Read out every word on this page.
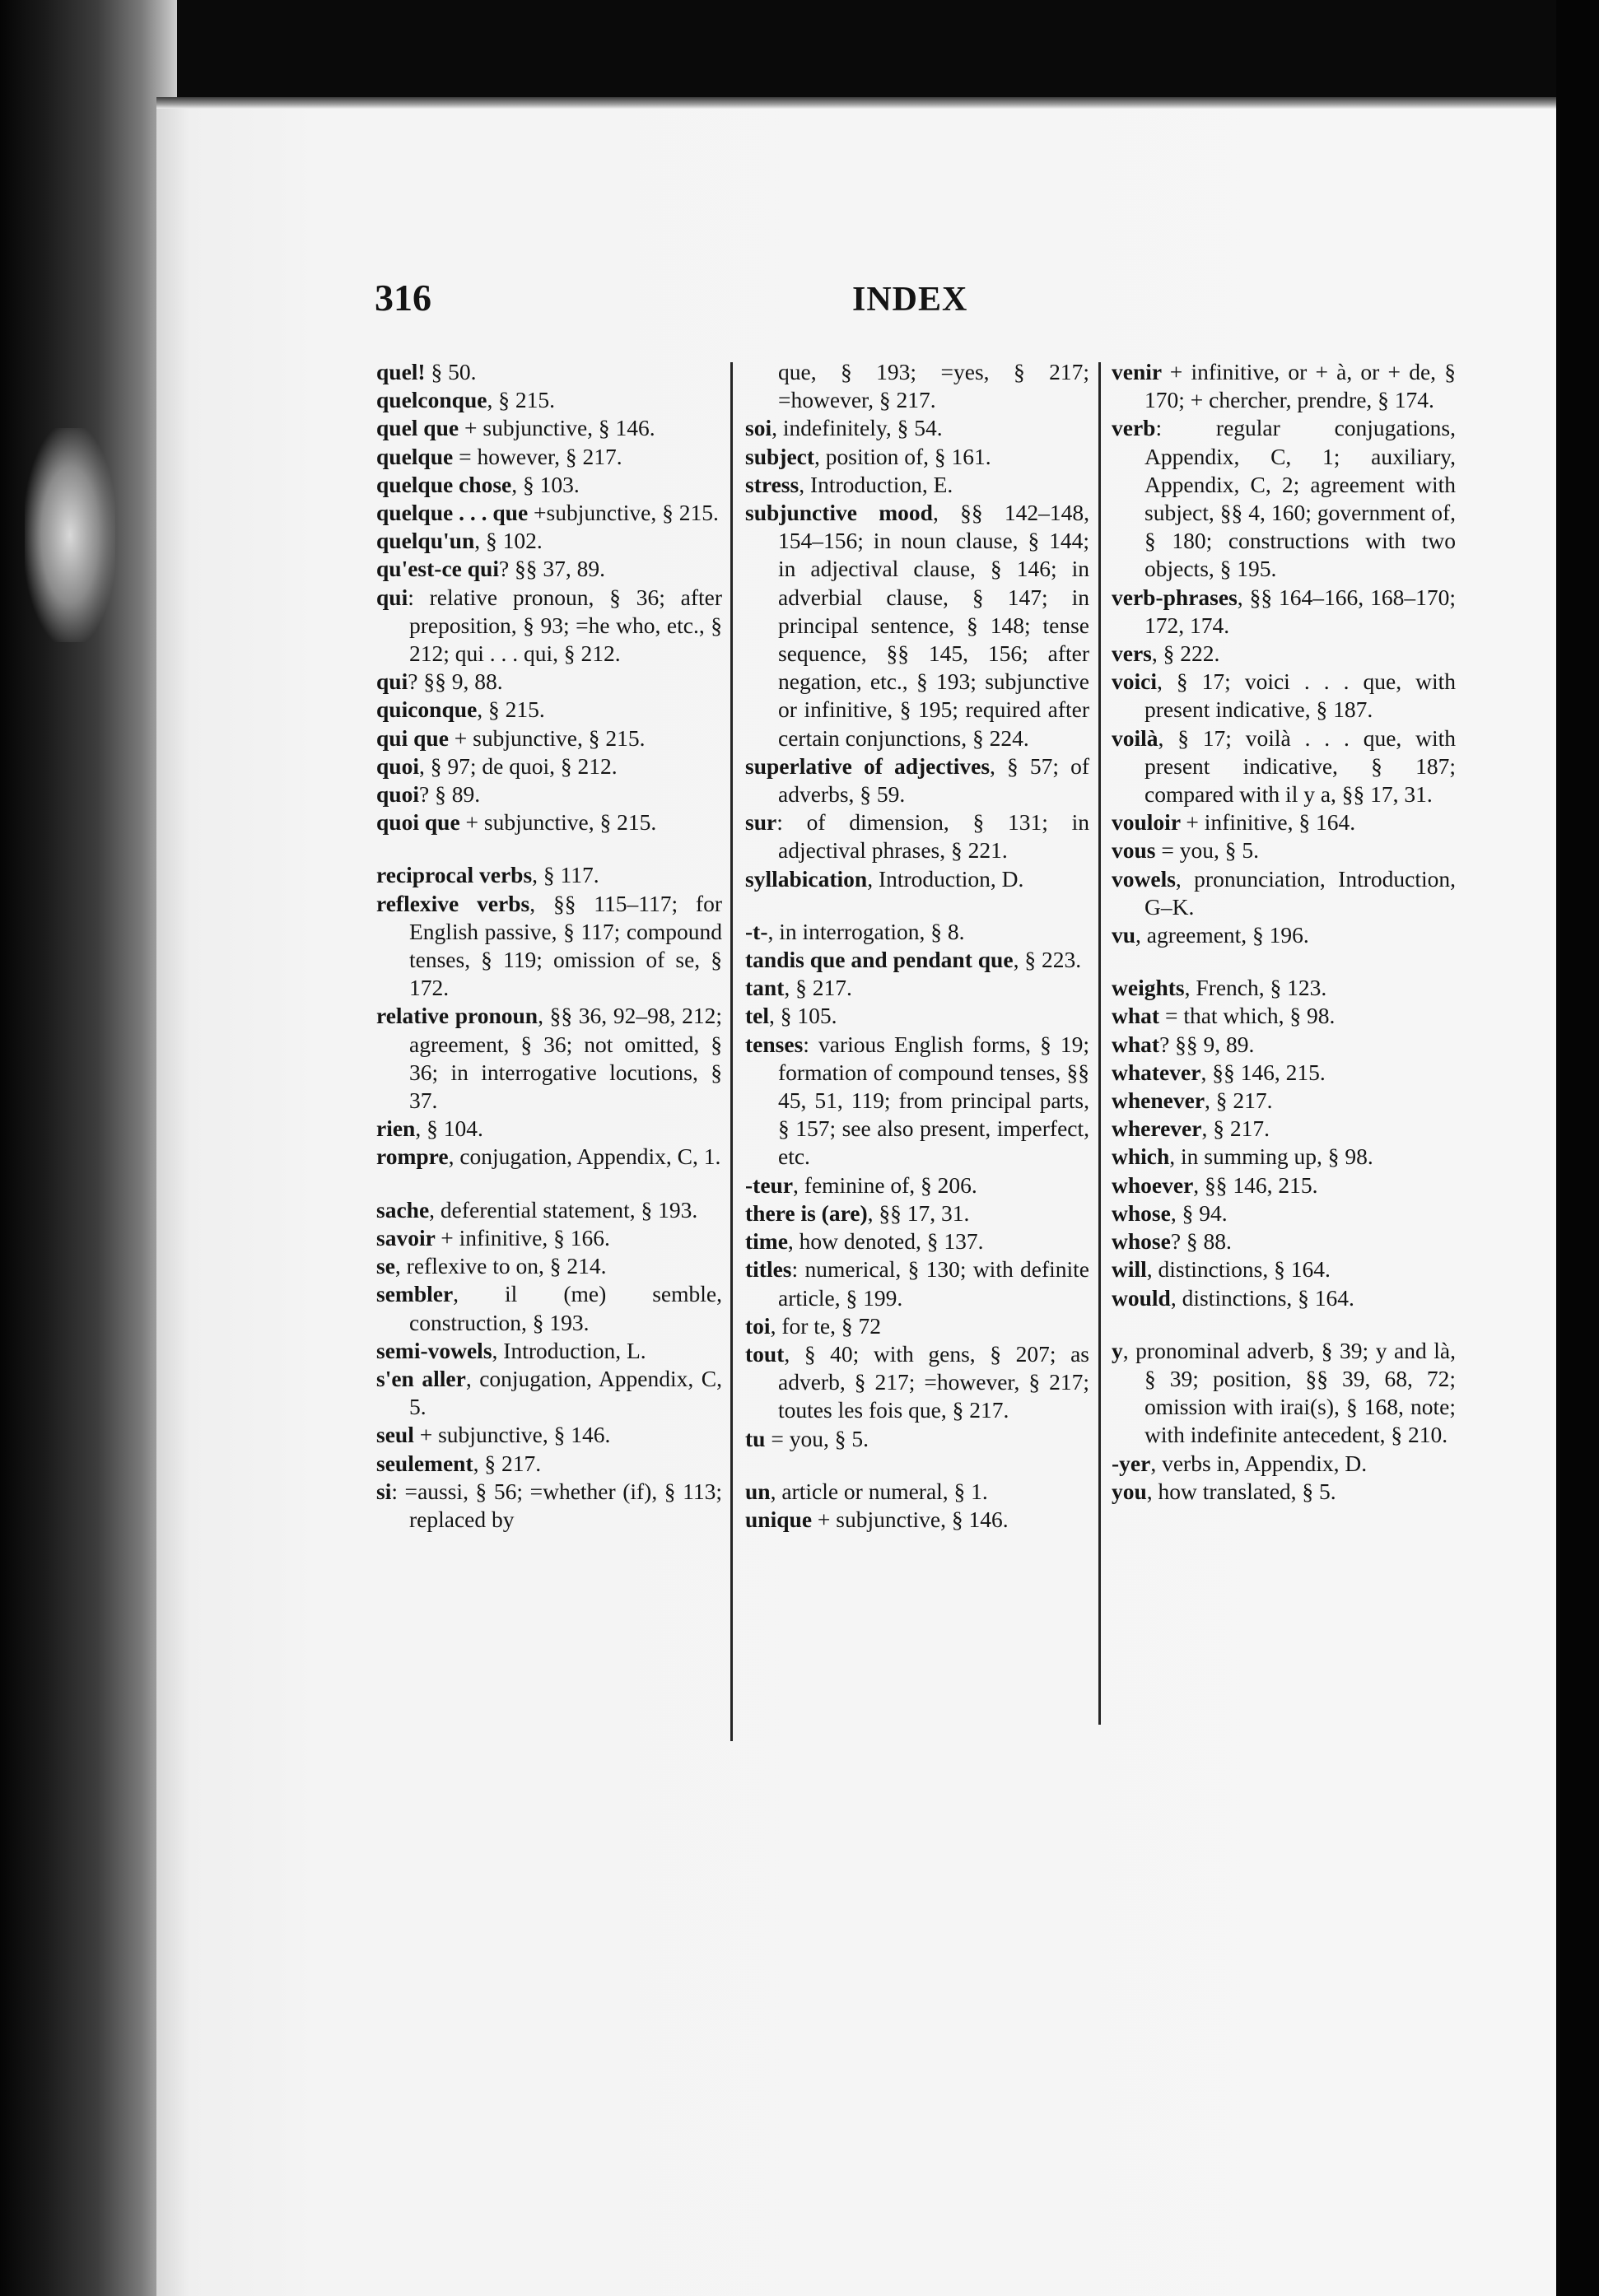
316	INDEX

quel! § 50.

quelconque, § 215.

quel que + subjunctive, § 146.

quelque = however, § 217.

quelque chose, § 103.

quelque . . . que +subjunctive, § 215.

quelqu'un, § 102.

qu'est-ce qui? §§ 37, 89.

qui: relative pronoun, § 36; after preposition, § 93; =he who, etc., § 212; qui . . . qui, § 212.

qui? §§ 9, 88.

quiconque, § 215.

qui que + subjunctive, § 215.

quoi, § 97; de quoi, § 212.

quoi? § 89.

quoi que + subjunctive, § 215.

reciprocal verbs, § 117.

reflexive verbs, §§ 115–117; for English passive, § 117; compound tenses, § 119; omission of se, § 172.

relative pronoun, §§ 36, 92–98, 212; agreement, § 36; not omitted, § 36; in interrogative locutions, § 37.

rien, § 104.

rompre, conjugation, Appendix, C, 1.

sache, deferential statement, § 193.

savoir + infinitive, § 166.

se, reflexive to on, § 214.

sembler, il (me) semble, construction, § 193.

semi-vowels, Introduction, L.

s'en aller, conjugation, Appendix, C, 5.

seul + subjunctive, § 146.

seulement, § 217.

si: =aussi, § 56; =whether (if), § 113; replaced by

que, § 193; =yes, § 217; =however, § 217.

soi, indefinitely, § 54.

subject, position of, § 161.

stress, Introduction, E.

subjunctive mood, §§ 142–148, 154–156; in noun clause, § 144; in adjectival clause, § 146; in adverbial clause, § 147; in principal sentence, § 148; tense sequence, §§ 145, 156; after negation, etc., § 193; subjunctive or infinitive, § 195; required after certain conjunctions, § 224.

superlative of adjectives, § 57; of adverbs, § 59.

sur: of dimension, § 131; in adjectival phrases, § 221.

syllabication, Introduction, D.

-t-, in interrogation, § 8.

tandis que and pendant que, § 223.

tant, § 217.

tel, § 105.

tenses: various English forms, § 19; formation of compound tenses, §§ 45, 51, 119; from principal parts, § 157; see also present, imperfect, etc.

-teur, feminine of, § 206.

there is (are), §§ 17, 31.

time, how denoted, § 137.

titles: numerical, § 130; with definite article, § 199.

toi, for te, § 72

tout, § 40; with gens, § 207; as adverb, § 217; =however, § 217; toutes les fois que, § 217.

tu = you, § 5.

un, article or numeral, § 1.

unique + subjunctive, § 146.

venir + infinitive, or + à, or + de, § 170; + chercher, prendre, § 174.

verb: regular conjugations, Appendix, C, 1; auxiliary, Appendix, C, 2; agreement with subject, §§ 4, 160; government of, § 180; constructions with two objects, § 195.

verb-phrases, §§ 164–166, 168–170; 172, 174.

vers, § 222.

voici, § 17; voici . . . que, with present indicative, § 187.

voilà, § 17; voilà . . . que, with present indicative, § 187; compared with il y a, §§ 17, 31.

vouloir + infinitive, § 164.

vous = you, § 5.

vowels, pronunciation, Introduction, G–K.

vu, agreement, § 196.

weights, French, § 123.

what = that which, § 98.

what? §§ 9, 89.

whatever, §§ 146, 215.

whenever, § 217.

wherever, § 217.

which, in summing up, § 98.

whoever, §§ 146, 215.

whose, § 94.

whose? § 88.

will, distinctions, § 164.

would, distinctions, § 164.

y, pronominal adverb, § 39; y and là, § 39; position, §§ 39, 68, 72; omission with irai(s), § 168, note; with indefinite antecedent, § 210.

-yer, verbs in, Appendix, D.

you, how translated, § 5.
